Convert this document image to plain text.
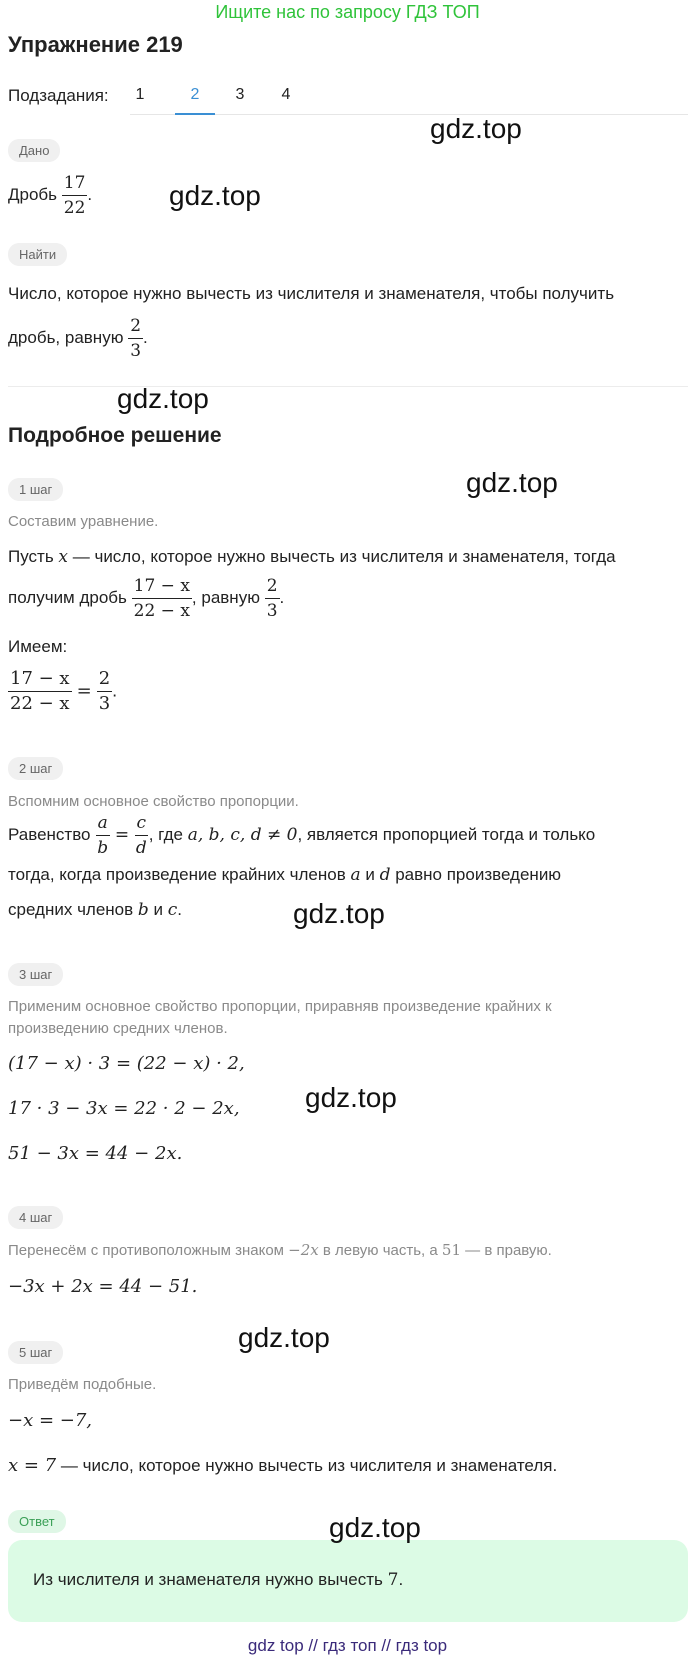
Ищите нас по запросу ГДЗ ТОП
Упражнение 219
Подзадания:	1	2	3	4
Дано
Дробь $\frac{17}{22}$ .
Найти
Число, которое нужно вычесть из числителя и знаменателя, чтобы получить
дробь, равную $\frac{2}{3}$ .
Подробное решение
1 шаг
Составим уравнение.
Пусть x — число, которое нужно вычесть из числителя и знаменателя, тогда
получим дробь $\frac{17 - x}{22 - x}$ , равную $\frac{2}{3}$ .
Имеем:
$\frac{17 - x}{22 - x} = \frac{2}{3}$ .
2 шаг
Вспомним основное свойство пропорции.
Равенство $\frac{a}{b} = \frac{c}{d}$ , где a, b, c, d ≠ 0, является пропорцией тогда и только
тогда, когда произведение крайних членов a и d равно произведению
средних членов b и c.
3 шаг
Применим основное свойство пропорции, приравняв произведение крайних к
произведению средних членов.
(17 − x) · 3 = (22 − x) · 2,
17 · 3 − 3x = 22 · 2 − 2x,
51 − 3x = 44 − 2x.
4 шаг
Перенесём с противоположным знаком −2x в левую часть, а 51 — в правую.
−3x + 2x = 44 − 51.
5 шаг
Приведём подобные.
−x = −7,
x = 7 — число, которое нужно вычесть из числителя и знаменателя.
Ответ
Из числителя и знаменателя нужно вычесть 7.
gdz.top
gdz.top
gdz.top
gdz.top
gdz.top
gdz.top
gdz.top
gdz.top
gdz top // гдз топ // гдз top
